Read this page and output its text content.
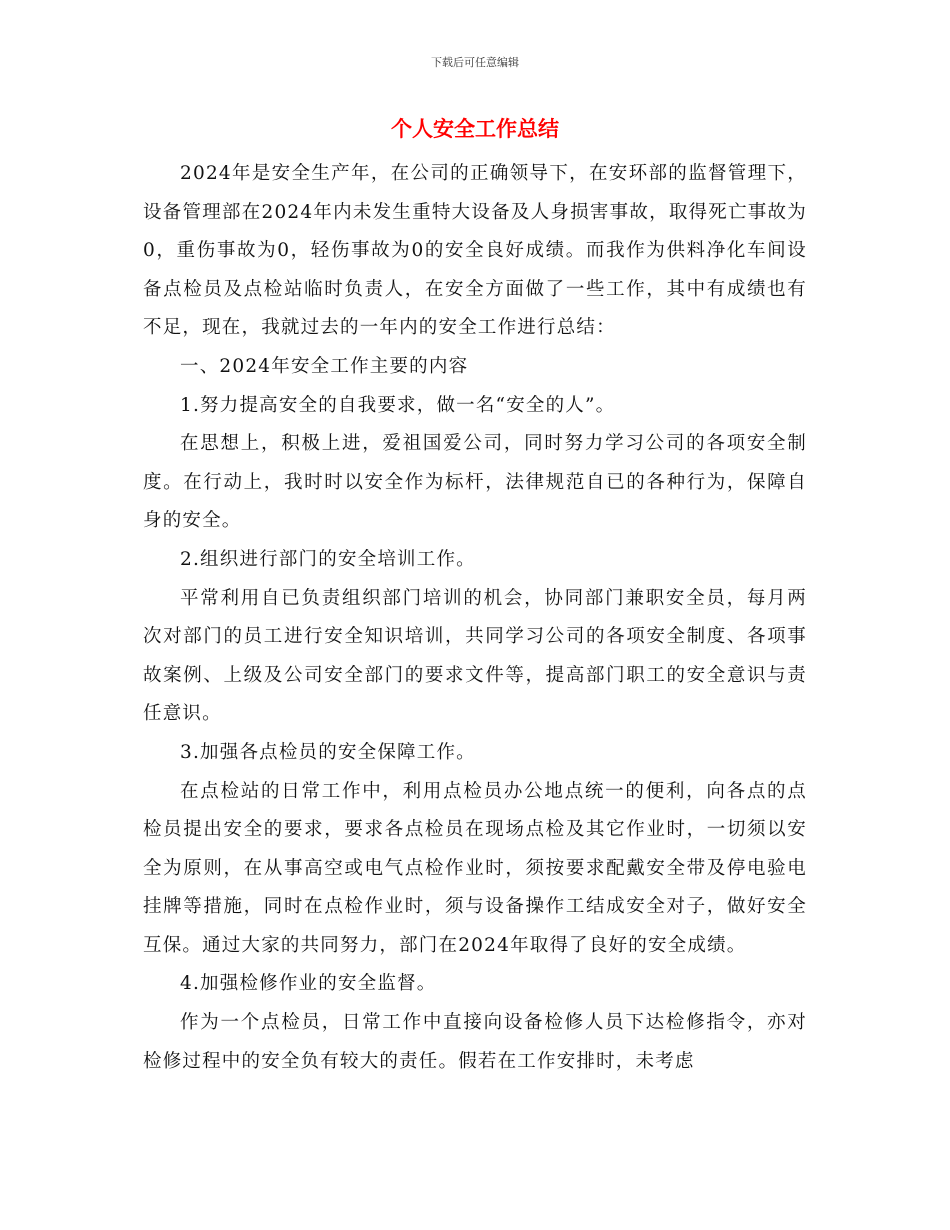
下载后可任意编辑
个人安全工作总结

2024年是安全生产年，在公司的正确领导下，在安环部的监督管理下，设备管理部在2024年内未发生重特大设备及人身损害事故，取得死亡事故为0，重伤事故为0，轻伤事故为0的安全良好成绩。而我作为供料净化车间设备点检员及点检站临时负责人，在安全方面做了一些工作，其中有成绩也有不足，现在，我就过去的一年内的安全工作进行总结：

一、2024年安全工作主要的内容

1.努力提高安全的自我要求，做一名“安全的人”。

在思想上，积极上进，爱祖国爱公司，同时努力学习公司的各项安全制度。在行动上，我时时以安全作为标杆，法律规范自已的各种行为，保障自身的安全。

2.组织进行部门的安全培训工作。

平常利用自已负责组织部门培训的机会，协同部门兼职安全员，每月两次对部门的员工进行安全知识培训，共同学习公司的各项安全制度、各项事故案例、上级及公司安全部门的要求文件等，提高部门职工的安全意识与责任意识。

3.加强各点检员的安全保障工作。

在点检站的日常工作中，利用点检员办公地点统一的便利，向各点的点检员提出安全的要求，要求各点检员在现场点检及其它作业时，一切须以安全为原则，在从事高空或电气点检作业时，须按要求配戴安全带及停电验电挂牌等措施，同时在点检作业时，须与设备操作工结成安全对子，做好安全互保。通过大家的共同努力，部门在2024年取得了良好的安全成绩。

4.加强检修作业的安全监督。

作为一个点检员，日常工作中直接向设备检修人员下达检修指令，亦对检修过程中的安全负有较大的责任。假若在工作安排时，未考虑
